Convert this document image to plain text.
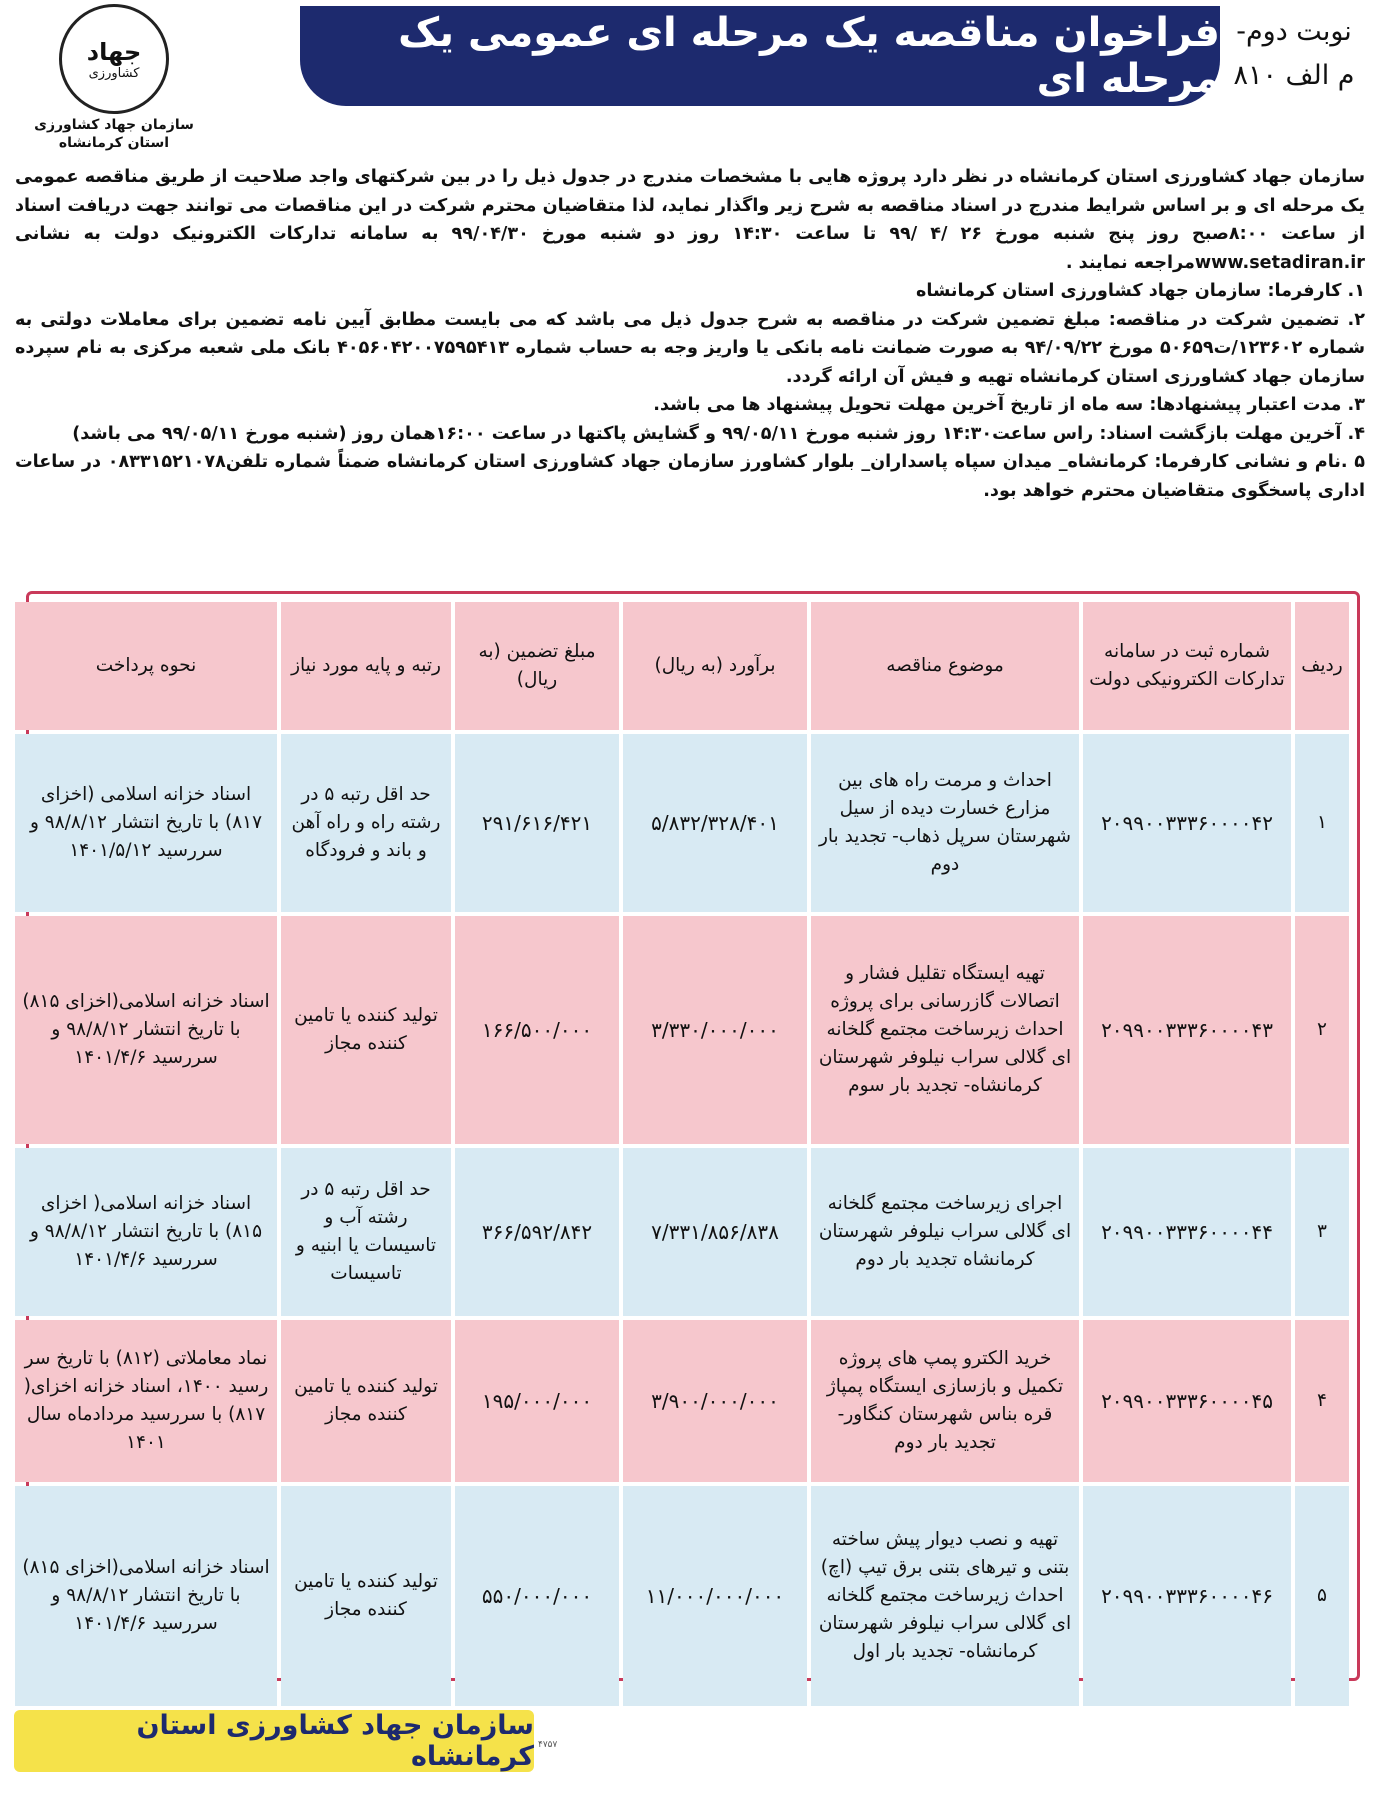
نوبت دوم-
م الف ۸۱۰
فراخوان مناقصه یک مرحله ای عمومی یک مرحله ای
جهاد
کشاورزی
سازمان جهاد کشاورزی
استان کرمانشاه

سازمان جهاد کشاورزی استان کرمانشاه در نظر دارد پروژه هایی با مشخصات مندرج در جدول ذیل را در بین شرکتهای واجد صلاحیت از طریق مناقصه عمومی یک مرحله ای و بر اساس شرایط مندرج در اسناد مناقصه به شرح زیر واگذار نماید، لذا متقاضیان محترم شرکت در این مناقصات می توانند جهت دریافت اسناد از ساعت ۸:۰۰صبح روز پنج شنبه مورخ ۲۶ /۴ /۹۹ تا ساعت ۱۴:۳۰ روز دو شنبه مورخ ۹۹/۰۴/۳۰ به سامانه تدارکات الکترونیک دولت به نشانی www.setadiran.irمراجعه نمایند .

۱. کارفرما: سازمان جهاد کشاورزی استان کرمانشاه

۲. تضمین شرکت در مناقصه: مبلغ تضمین شرکت در مناقصه به شرح جدول ذیل می باشد که می بایست مطابق آیین نامه تضمین برای معاملات دولتی به شماره ۱۲۳۶۰۲/ت۵۰۶۵۹ مورخ ۹۴/۰۹/۲۲ به صورت ضمانت نامه بانکی یا واریز وجه به حساب شماره ۴۰۵۶۰۴۲۰۰۷۵۹۵۴۱۳ بانک ملی شعبه مرکزی به نام سپرده سازمان جهاد کشاورزی استان کرمانشاه تهیه و فیش آن ارائه گردد.

۳. مدت اعتبار پیشنهادها: سه ماه از تاریخ آخرین مهلت تحویل پیشنهاد ها می باشد.

۴. آخرین مهلت بازگشت اسناد: راس ساعت۱۴:۳۰ روز شنبه مورخ ۹۹/۰۵/۱۱ و گشایش پاکتها در ساعت ۱۶:۰۰همان روز (شنبه مورخ ۹۹/۰۵/۱۱ می باشد)

۵ .نام و نشانی کارفرما: کرمانشاه_ میدان سپاه پاسداران_ بلوار کشاورز سازمان جهاد کشاورزی استان کرمانشاه ضمناً شماره تلفن۰۸۳۳۱۵۲۱۰۷۸ در ساعات اداری پاسخگوی متقاضیان محترم خواهد بود.

ردیف	شماره ثبت در سامانه تدارکات الکترونیکی دولت	موضوع مناقصه	برآورد (به ریال)	مبلغ تضمین (به ریال)	رتبه و پایه مورد نیاز	نحوه پرداخت
۱	۲۰۹۹۰۰۳۳۳۶۰۰۰۰۴۲	احداث و مرمت راه های بین مزارع خسارت دیده از سیل شهرستان سرپل ذهاب- تجدید بار دوم	۵/۸۳۲/۳۲۸/۴۰۱	۲۹۱/۶۱۶/۴۲۱	حد اقل رتبه ۵ در رشته راه و راه آهن و باند و فرودگاه	اسناد خزانه اسلامی (اخزای ۸۱۷) با تاریخ انتشار ۹۸/۸/۱۲ و سررسید ۱۴۰۱/۵/۱۲
۲	۲۰۹۹۰۰۳۳۳۶۰۰۰۰۴۳	تهیه ایستگاه تقلیل فشار و اتصالات گازرسانی برای پروژه احداث زیرساخت مجتمع گلخانه ای گلالی سراب نیلوفر شهرستان کرمانشاه- تجدید بار سوم	۳/۳۳۰/۰۰۰/۰۰۰	۱۶۶/۵۰۰/۰۰۰	تولید کننده یا تامین کننده مجاز	اسناد خزانه اسلامی(اخزای ۸۱۵) با تاریخ انتشار ۹۸/۸/۱۲ و سررسید ۱۴۰۱/۴/۶
۳	۲۰۹۹۰۰۳۳۳۶۰۰۰۰۴۴	اجرای زیرساخت مجتمع گلخانه ای گلالی سراب نیلوفر شهرستان کرمانشاه تجدید بار دوم	۷/۳۳۱/۸۵۶/۸۳۸	۳۶۶/۵۹۲/۸۴۲	حد اقل رتبه ۵ در رشته آب و تاسیسات یا ابنیه و تاسیسات	اسناد خزانه اسلامی( اخزای ۸۱۵) با تاریخ انتشار ۹۸/۸/۱۲ و سررسید ۱۴۰۱/۴/۶
۴	۲۰۹۹۰۰۳۳۳۶۰۰۰۰۴۵	خرید الکترو پمپ های پروژه تکمیل و بازسازی ایستگاه پمپاژ قره بناس شهرستان کنگاور- تجدید بار دوم	۳/۹۰۰/۰۰۰/۰۰۰	۱۹۵/۰۰۰/۰۰۰	تولید کننده یا تامین کننده مجاز	نماد معاملاتی (۸۱۲) با تاریخ سر رسید ۱۴۰۰، اسناد خزانه اخزای( ۸۱۷) با سررسید مردادماه سال ۱۴۰۱
۵	۲۰۹۹۰۰۳۳۳۶۰۰۰۰۴۶	تهیه و نصب دیوار پیش ساخته بتنی و تیرهای بتنی برق تیپ (اچ) احداث زیرساخت مجتمع گلخانه ای گلالی سراب نیلوفر شهرستان کرمانشاه- تجدید بار اول	۱۱/۰۰۰/۰۰۰/۰۰۰	۵۵۰/۰۰۰/۰۰۰	تولید کننده یا تامین کننده مجاز	اسناد خزانه اسلامی(اخزای ۸۱۵) با تاریخ انتشار ۹۸/۸/۱۲ و سررسید ۱۴۰۱/۴/۶
سازمان جهاد کشاورزی استان کرمانشاه ۴۷۵۷
